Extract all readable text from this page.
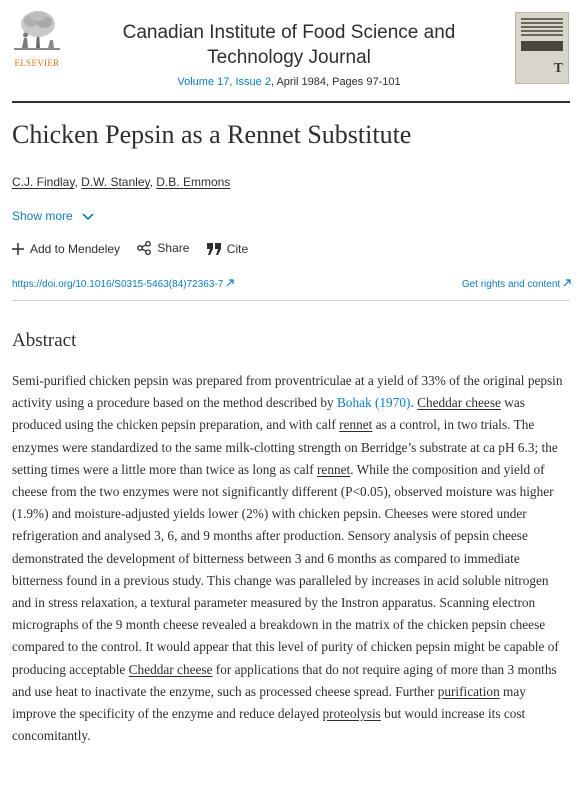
ELSEVIER
Canadian Institute of Food Science and
Technology Journal
Volume 17, Issue 2, April 1984, Pages 97-101
T
Chicken Pepsin as a Rennet Substitute
C.J. Findlay, D.W. Stanley, D.B. Emmons
Show more
Add to Mendeley
	Share
	Cite
https://doi.org/10.1016/S0315-5463(84)72363-7	Get rights and content
Abstract

Semi-purified chicken pepsin was prepared from proventriculae at a yield of 33% of the original pepsin activity using a procedure based on the method described by Bohak (1970). Cheddar cheese was produced using the chicken pepsin preparation, and with calf rennet as a control, in two trials. The enzymes were standardized to the same milk-clotting strength on Berridge’s substrate at ca pH 6.3; the setting times were a little more than twice as long as calf rennet. While the composition and yield of cheese from the two enzymes were not significantly different (P<0.05), observed moisture was higher (1.9%) and moisture-adjusted yields lower (2%) with chicken pepsin. Cheeses were stored under refrigeration and analysed 3, 6, and 9 months after production. Sensory analysis of pepsin cheese demonstrated the development of bitterness between 3 and 6 months as compared to immediate bitterness found in a previous study. This change was paralleled by increases in acid soluble nitrogen and in stress relaxation, a textural parameter measured by the Instron apparatus. Scanning electron micrographs of the 9 month cheese revealed a breakdown in the matrix of the chicken pepsin cheese compared to the control. It would appear that this level of purity of chicken pepsin might be capable of producing acceptable Cheddar cheese for applications that do not require aging of more than 3 months and use heat to inactivate the enzyme, such as processed cheese spread. Further purification may improve the specificity of the enzyme and reduce delayed proteolysis but would increase its cost concomitantly.
